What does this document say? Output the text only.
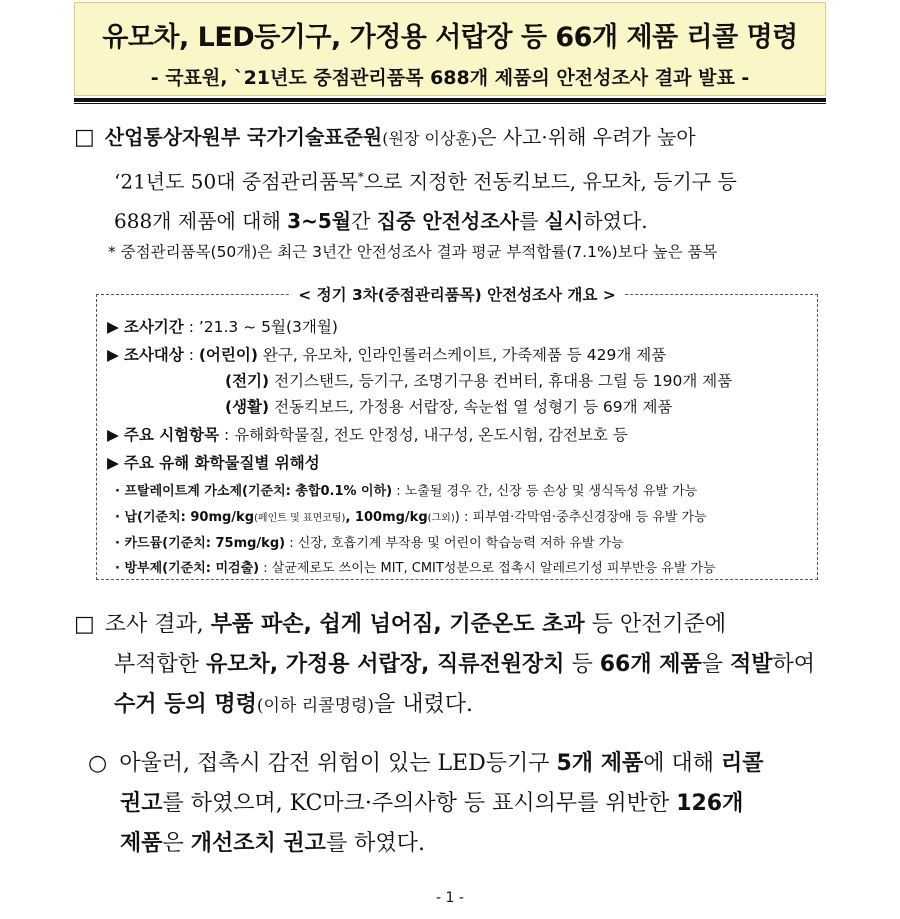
유모차, LED등기구, 가정용 서랍장 등 66개 제품 리콜 명령
- 국표원, `21년도 중점관리품목 688개 제품의 안전성조사 결과 발표 -
□ 산업통상자원부 국가기술표준원(원장 이상훈)은 사고·위해 우려가 높아
‘21년도 50대 중점관리품목*으로 지정한 전동킥보드, 유모차, 등기구 등
688개 제품에 대해 3~5월간 집중 안전성조사를 실시하였다.
* 중점관리품목(50개)은 최근 3년간 안전성조사 결과 평균 부적합률(7.1%)보다 높은 품목
< 정기 3차(중점관리품목) 안전성조사 개요 >
▶ 조사기간 : ’21.3 ~ 5월(3개월)
▶ 조사대상 : (어린이) 완구, 유모차, 인라인롤러스케이트, 가죽제품 등 429개 제품
(전기) 전기스탠드, 등기구, 조명기구용 컨버터, 휴대용 그릴 등 190개 제품
(생활) 전동킥보드, 가정용 서랍장, 속눈썹 열 성형기 등 69개 제품
▶ 주요 시험항목 : 유해화학물질, 전도 안정성, 내구성, 온도시험, 감전보호 등
▶ 주요 유해 화학물질별 위해성
· 프탈레이트계 가소제(기준치: 총합0.1% 이하) : 노출될 경우 간, 신장 등 손상 및 생식독성 유발 가능
· 납(기준치: 90mg/kg(페인트 및 표면코팅), 100mg/kg(그외)) : 피부염·각막염·중추신경장애 등 유발 가능
· 카드뮴(기준치: 75mg/kg) : 신장, 호흡기계 부작용 및 어린이 학습능력 저하 유발 가능
· 방부제(기준치: 미검출) : 살균제로도 쓰이는 MIT, CMIT성분으로 접촉시 알레르기성 피부반응 유발 가능
□ 조사 결과, 부품 파손, 쉽게 넘어짐, 기준온도 초과 등 안전기준에
부적합한 유모차, 가정용 서랍장, 직류전원장치 등 66개 제품을 적발하여
수거 등의 명령(이하 리콜명령)을 내렸다.
○ 아울러, 접촉시 감전 위험이 있는 LED등기구 5개 제품에 대해 리콜
권고를 하였으며, KC마크·주의사항 등 표시의무를 위반한 126개
제품은 개선조치 권고를 하였다.
- 1 -
